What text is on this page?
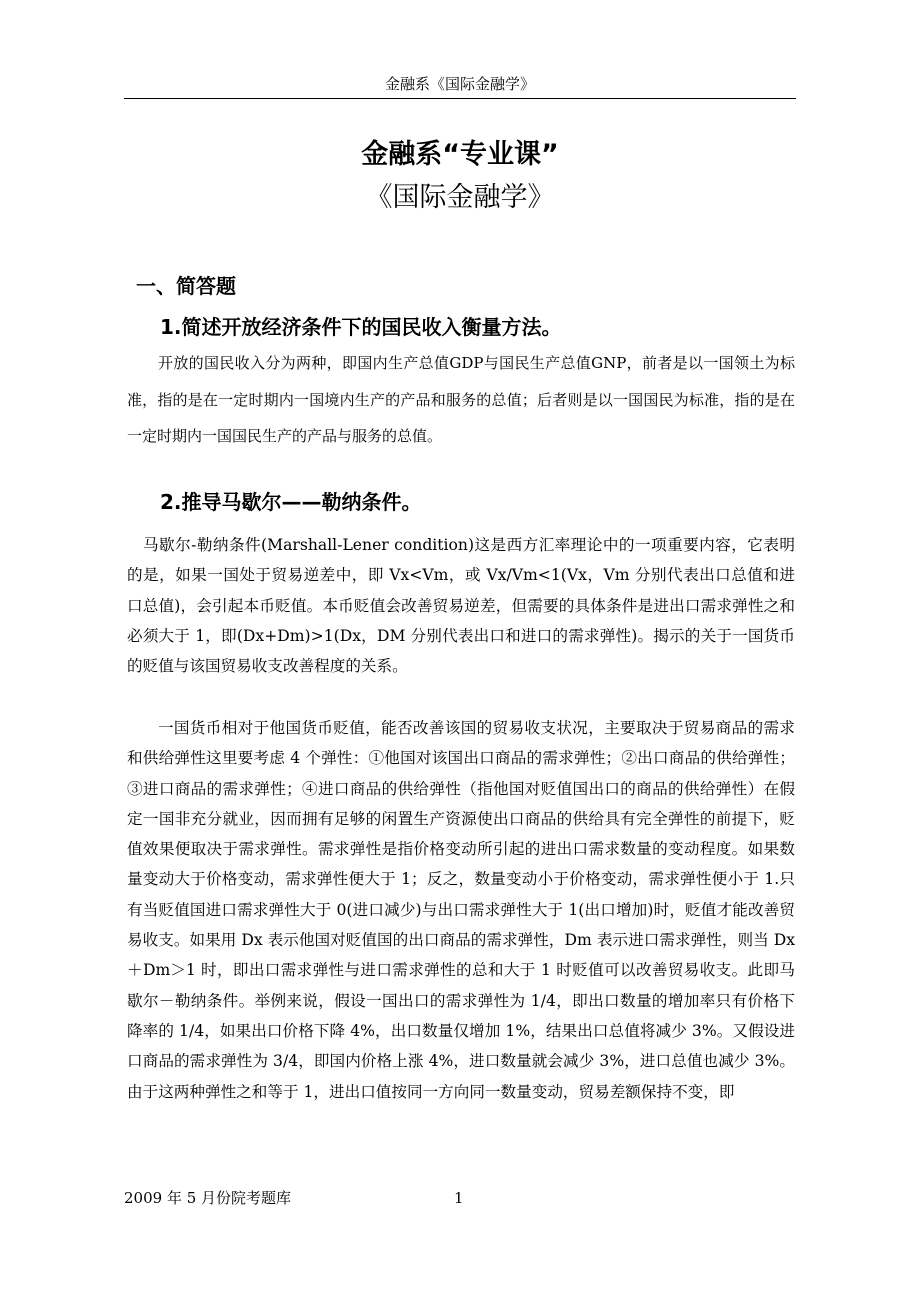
金融系《国际金融学》
金融系“专业课”
《国际金融学》
一、简答题
1.简述开放经济条件下的国民收入衡量方法。

开放的国民收入分为两种，即国内生产总值GDP与国民生产总值GNP，前者是以一国领土为标准，指的是在一定时期内一国境内生产的产品和服务的总值；后者则是以一国国民为标准，指的是在一定时期内一国国民生产的产品与服务的总值。

2.推导马歇尔——勒纳条件。

马歇尔-勒纳条件(Marshall-Lener condition)这是西方汇率理论中的一项重要内容，它表明的是，如果一国处于贸易逆差中，即 Vx<Vm，或 Vx/Vm<1(Vx，Vm 分别代表出口总值和进口总值)，会引起本币贬值。本币贬值会改善贸易逆差，但需要的具体条件是进出口需求弹性之和必须大于 1，即(Dx+Dm)>1(Dx，DM 分别代表出口和进口的需求弹性)。揭示的关于一国货币的贬值与该国贸易收支改善程度的关系。

一国货币相对于他国货币贬值，能否改善该国的贸易收支状况，主要取决于贸易商品的需求和供给弹性这里要考虑 4 个弹性：①他国对该国出口商品的需求弹性；②出口商品的供给弹性；③进口商品的需求弹性；④进口商品的供给弹性（指他国对贬值国出口的商品的供给弹性）在假定一国非充分就业，因而拥有足够的闲置生产资源使出口商品的供给具有完全弹性的前提下，贬值效果便取决于需求弹性。需求弹性是指价格变动所引起的进出口需求数量的变动程度。如果数量变动大于价格变动，需求弹性便大于 1；反之，数量变动小于价格变动，需求弹性便小于 1.只有当贬值国进口需求弹性大于 0(进口减少)与出口需求弹性大于 1(出口增加)时，贬值才能改善贸易收支。如果用 Dx 表示他国对贬值国的出口商品的需求弹性，Dm 表示进口需求弹性，则当 Dx＋Dm＞1 时，即出口需求弹性与进口需求弹性的总和大于 1 时贬值可以改善贸易收支。此即马歇尔－勒纳条件。举例来说，假设一国出口的需求弹性为 1/4，即出口数量的增加率只有价格下降率的 1/4，如果出口价格下降 4%，出口数量仅增加 1%，结果出口总值将减少 3%。又假设进口商品的需求弹性为 3/4，即国内价格上涨 4%，进口数量就会减少 3%，进口总值也减少 3%。由于这两种弹性之和等于 1，进出口值按同一方向同一数量变动，贸易差额保持不变，即

2009 年 5 月份院考题库	1
